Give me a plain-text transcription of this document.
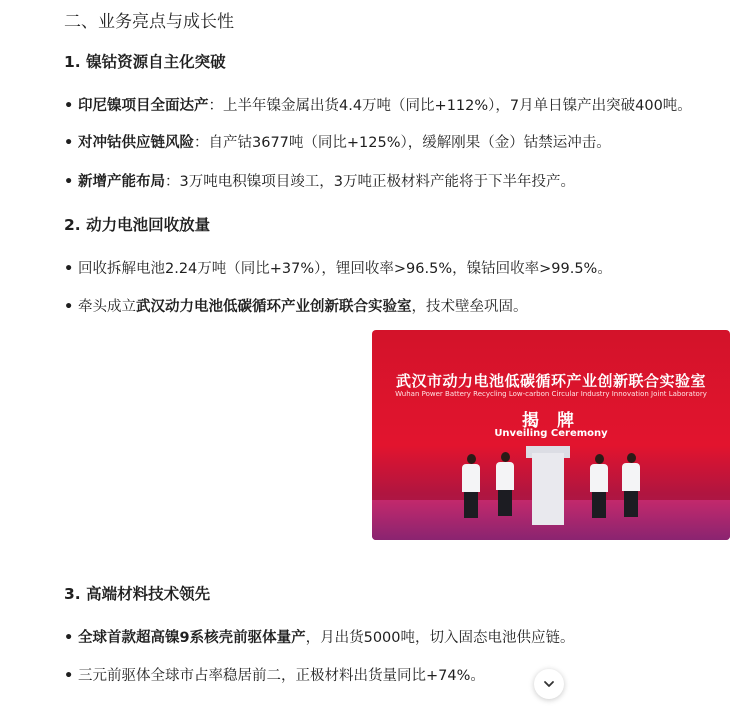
二、业务亮点与成长性
1. 镍钴资源自主化突破
• 印尼镍项目全面达产：上半年镍金属出货4.4万吨（同比+112%），7月单日镍产出突破400吨。
• 对冲钴供应链风险：自产钴3677吨（同比+125%），缓解刚果（金）钴禁运冲击。
• 新增产能布局：3万吨电积镍项目竣工，3万吨正极材料产能将于下半年投产。
2. 动力电池回收放量
• 回收拆解电池2.24万吨（同比+37%），锂回收率>96.5%，镍钴回收率>99.5%。
• 牵头成立武汉动力电池低碳循环产业创新联合实验室，技术壁垒巩固。
武汉市动力电池低碳循环产业创新联合实验室
Wuhan Power Battery Recycling Low-carbon Circular Industry Innovation Joint Laboratory
揭 牌
Unveiling Ceremony
3. 高端材料技术领先
• 全球首款超高镍9系核壳前驱体量产，月出货5000吨，切入固态电池供应链。
• 三元前驱体全球市占率稳居前二，正极材料出货量同比+74%。
